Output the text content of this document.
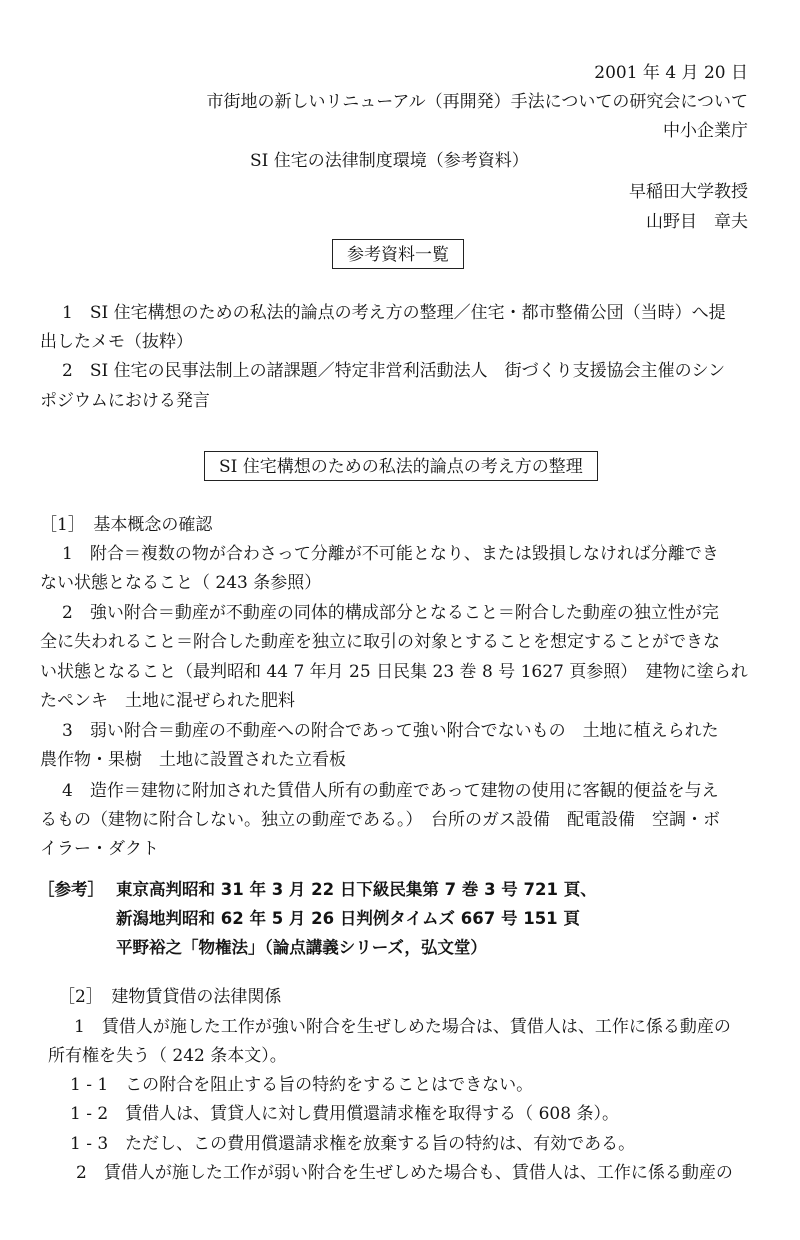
2001 年 4 月 20 日
市街地の新しいリニューアル（再開発）手法についての研究会について
中小企業庁
SI 住宅の法律制度環境（参考資料）
早稲田大学教授
山野目　章夫
参考資料一覧
1　SI 住宅構想のための私法的論点の考え方の整理／住宅・都市整備公団（当時）へ提
出したメモ（抜粋）
2　SI 住宅の民事法制上の諸課題／特定非営利活動法人　街づくり支援協会主催のシン
ポジウムにおける発言
SI 住宅構想のための私法的論点の考え方の整理
［1］　基本概念の確認
1　附合＝複数の物が合わさって分離が不可能となり、または毀損しなければ分離でき
ない状態となること（ 243 条参照）
2　強い附合＝動産が不動産の同体的構成部分となること＝附合した動産の独立性が完
全に失われること＝附合した動産を独立に取引の対象とすることを想定することができな
い状態となること（最判昭和 44 7 年月 25 日民集 23 巻 8 号 1627 頁参照）　建物に塗られ
たペンキ　土地に混ぜられた肥料
3　弱い附合＝動産の不動産への附合であって強い附合でないもの　土地に植えられた
農作物・果樹　土地に設置された立看板
4　造作＝建物に附加された賃借人所有の動産であって建物の使用に客観的便益を与え
るもの（建物に附合しない。独立の動産である。）　台所のガス設備　配電設備　空調・ボ
イラー・ダクト
［参考］ 東京高判昭和 31 年 3 月 22 日下級民集第 7 巻 3 号 721 頁、
新潟地判昭和 62 年 5 月 26 日判例タイムズ 667 号 151 頁
平野裕之「物権法」（論点講義シリーズ，弘文堂）
［2］　建物賃貸借の法律関係
1　賃借人が施した工作が強い附合を生ぜしめた場合は、賃借人は、工作に係る動産の
所有権を失う（ 242 条本文）。
1 - 1　この附合を阻止する旨の特約をすることはできない。
1 - 2　賃借人は、賃貸人に対し費用償還請求権を取得する（ 608 条）。
1 - 3　ただし、この費用償還請求権を放棄する旨の特約は、有効である。
2　賃借人が施した工作が弱い附合を生ぜしめた場合も、賃借人は、工作に係る動産の
